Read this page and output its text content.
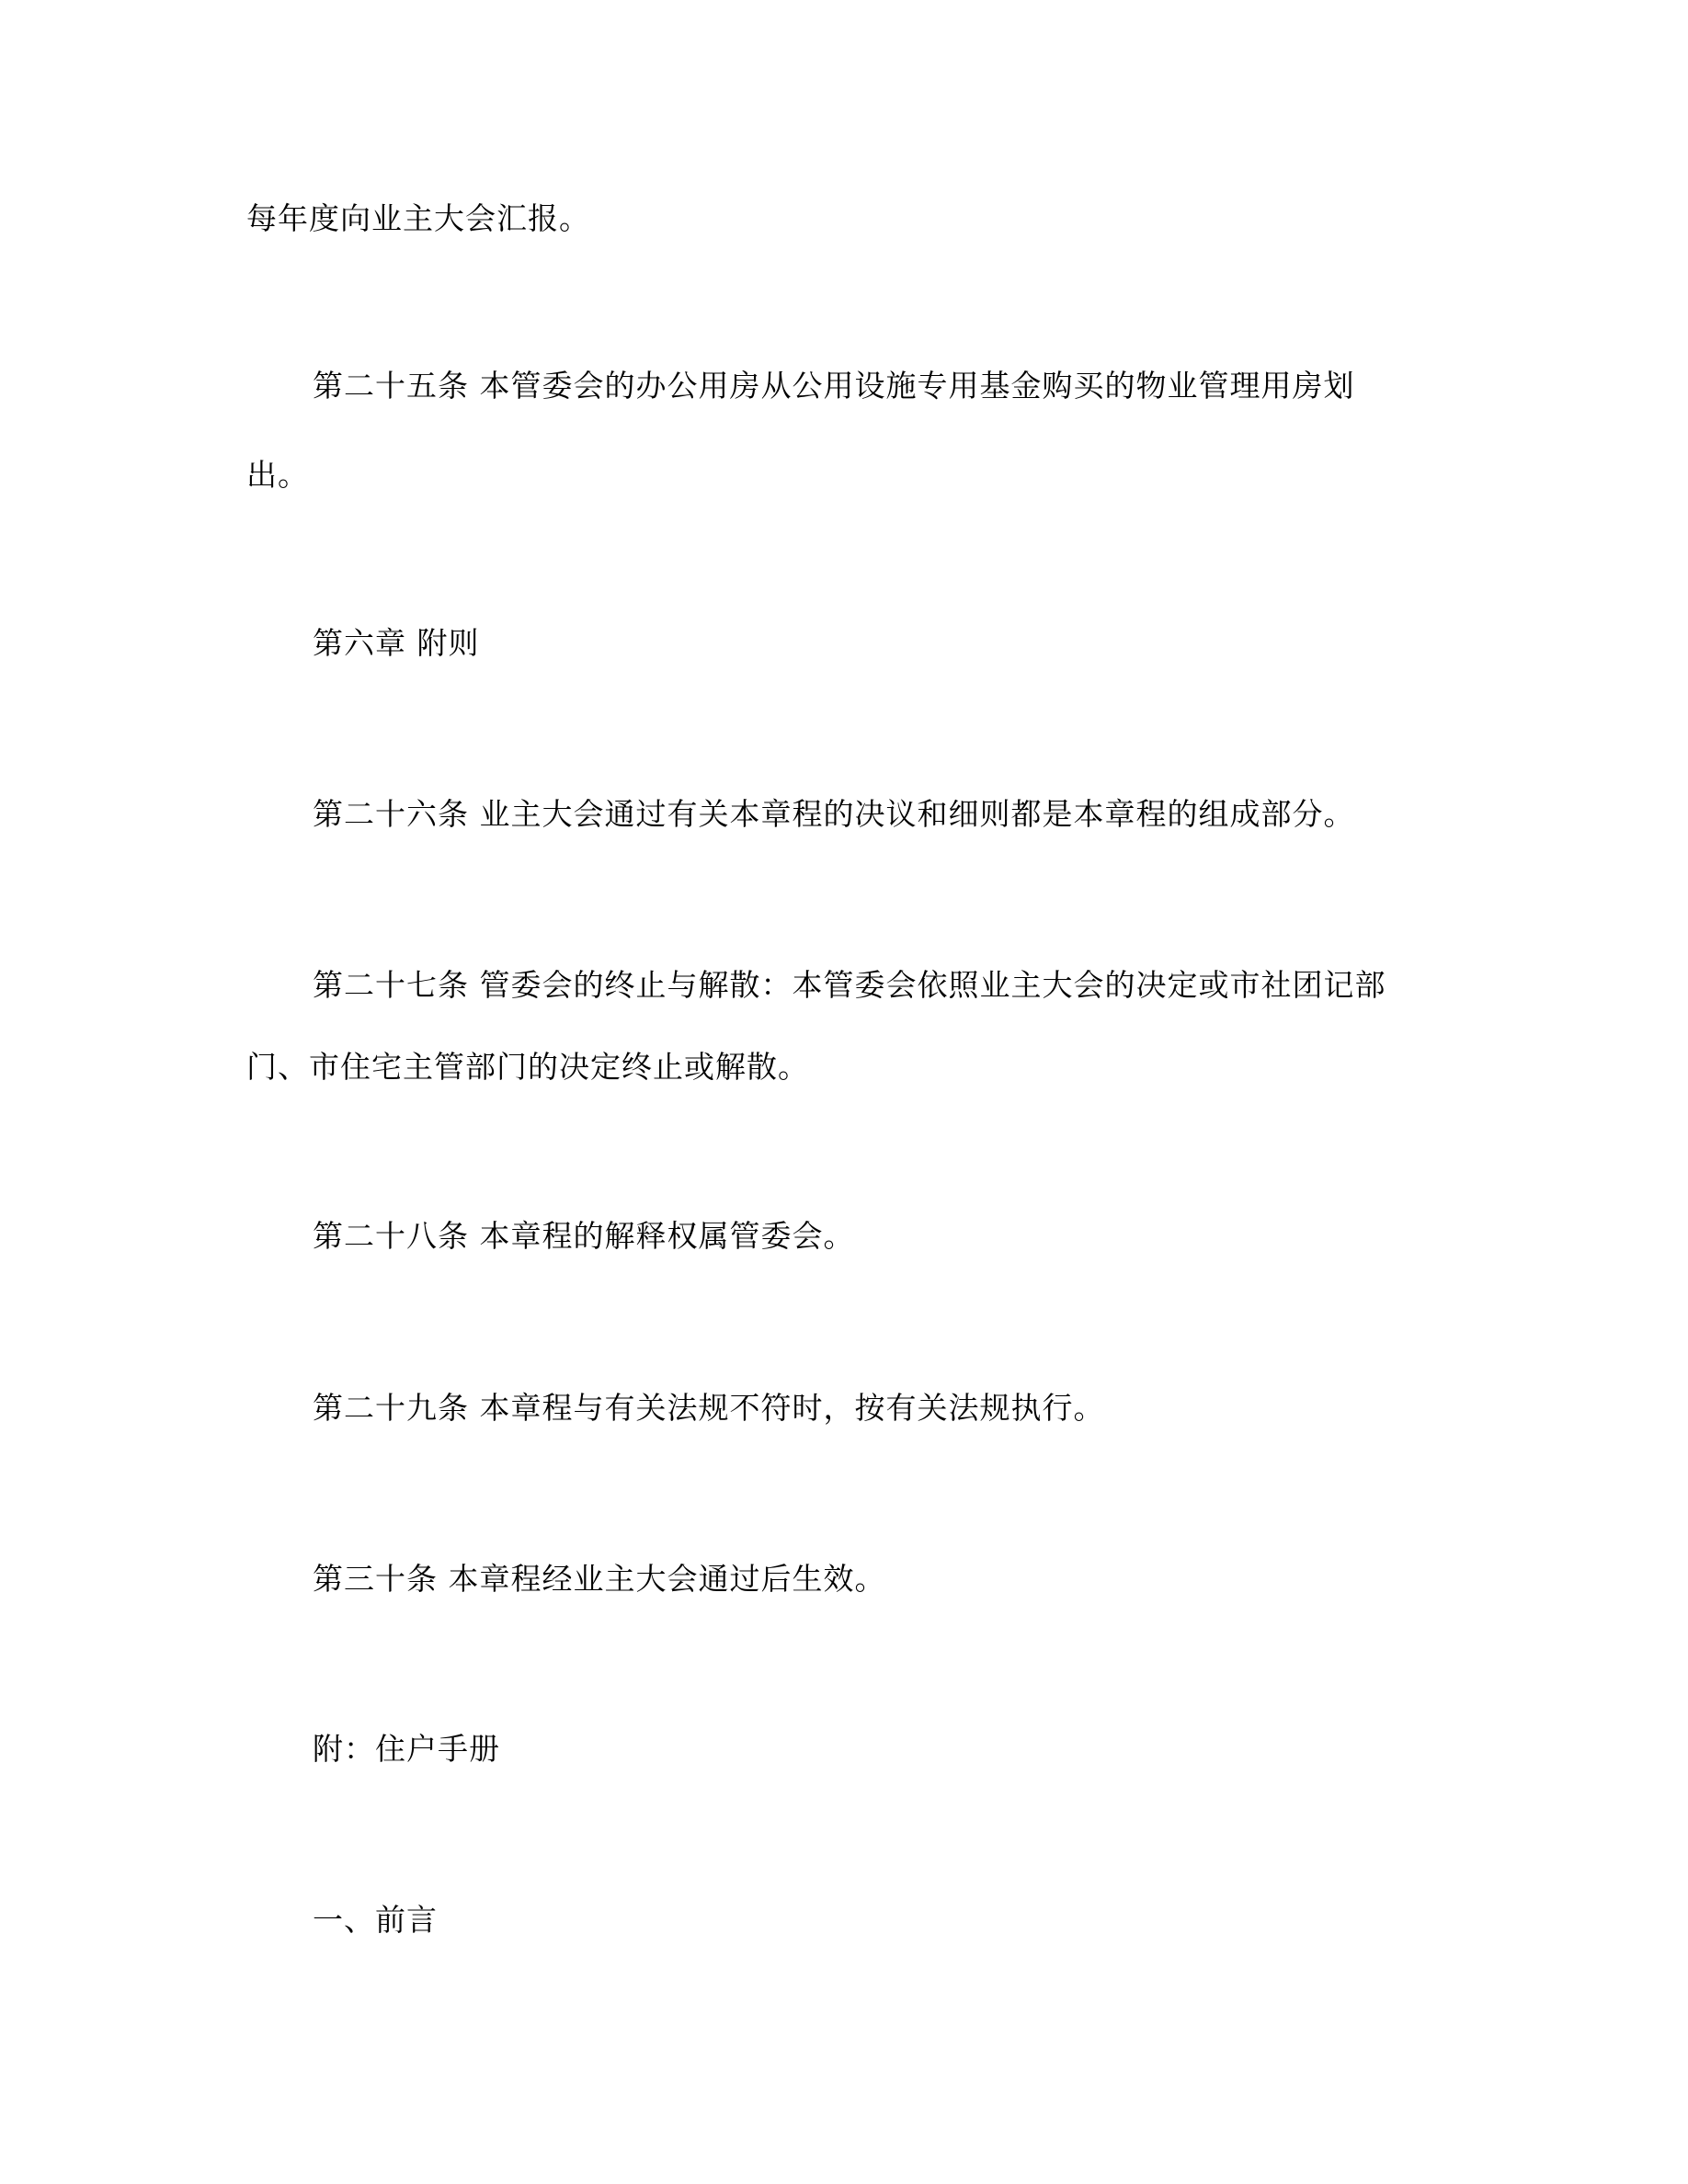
每年度向业主大会汇报。
第二十五条 本管委会的办公用房从公用设施专用基金购买的物业管理用房划
出。
第六章 附则
第二十六条 业主大会通过有关本章程的决议和细则都是本章程的组成部分。
第二十七条 管委会的终止与解散：本管委会依照业主大会的决定或市社团记部
门、市住宅主管部门的决定终止或解散。
第二十八条 本章程的解释权属管委会。
第二十九条 本章程与有关法规不符时，按有关法规执行。
第三十条 本章程经业主大会通过后生效。
附：住户手册
一、前言
